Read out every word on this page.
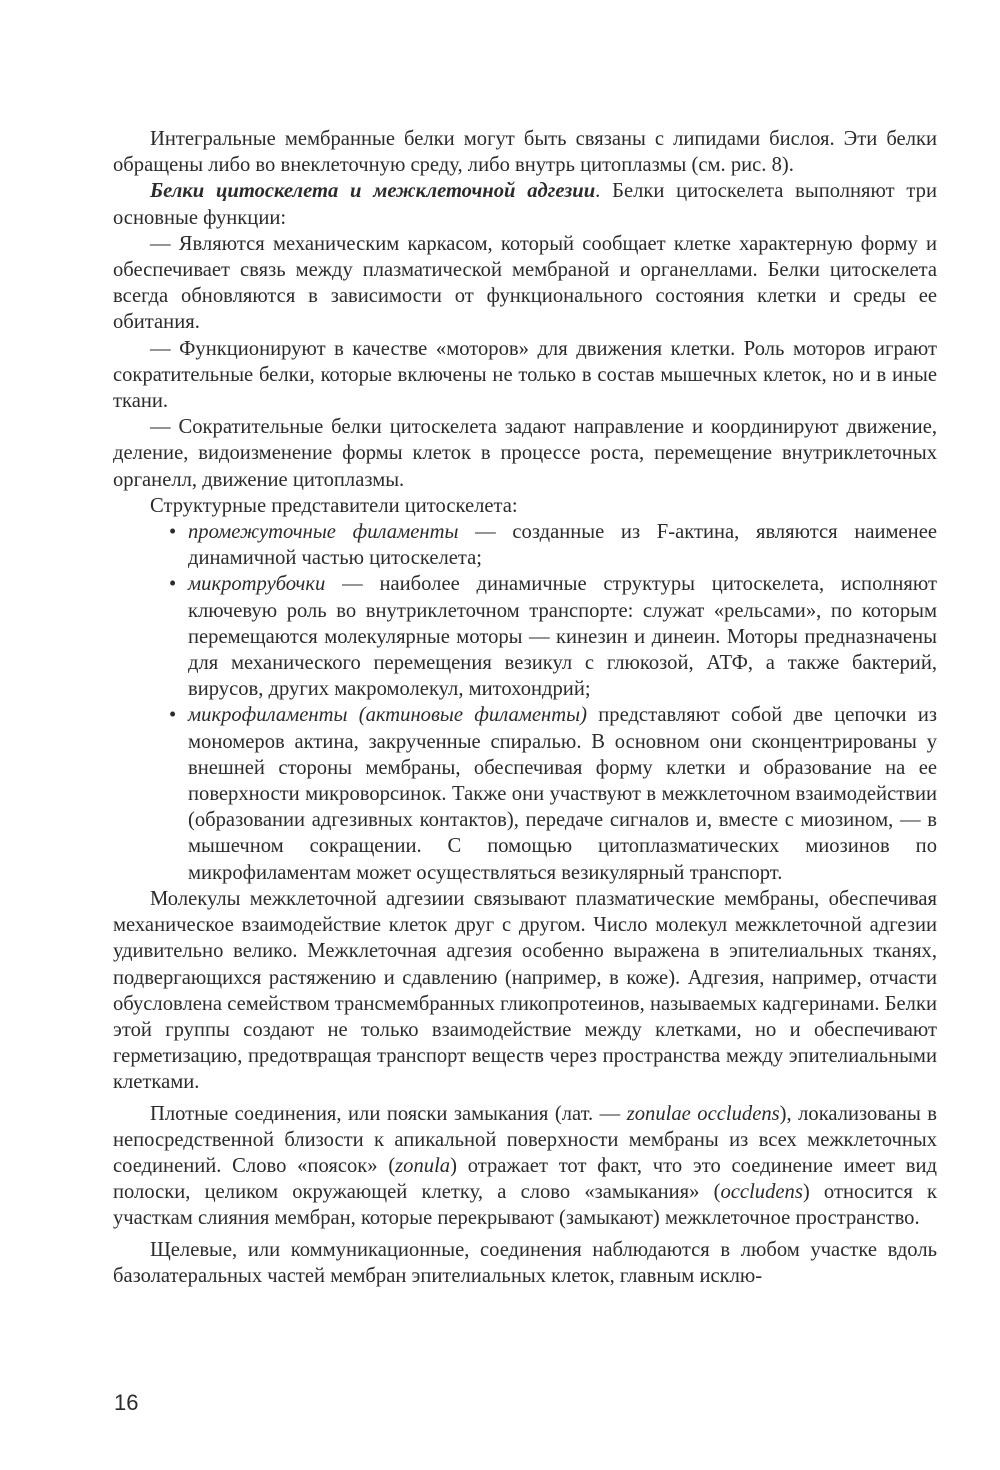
Интегральные мембранные белки могут быть связаны с липидами бислоя. Эти белки обращены либо во внеклеточную среду, либо внутрь цитоплазмы (см. рис. 8).

Белки цитоскелета и межклеточной адгезии. Белки цитоскелета выполняют три основные функции:

— Являются механическим каркасом, который сообщает клетке характерную форму и обеспечивает связь между плазматической мембраной и органеллами. Белки цитоскелета всегда обновляются в зависимости от функционального состояния клетки и среды ее обитания.

— Функционируют в качестве «моторов» для движения клетки. Роль моторов играют сократительные белки, которые включены не только в состав мышечных клеток, но и в иные ткани.

— Сократительные белки цитоскелета задают направление и координируют движение, деление, видоизменение формы клеток в процессе роста, перемещение внутриклеточных органелл, движение цитоплазмы.

Структурные представители цитоскелета:

• промежуточные филаменты — созданные из F-актина, являются наименее динамичной частью цитоскелета;
• микротрубочки — наиболее динамичные структуры цитоскелета, исполняют ключевую роль во внутриклеточном транспорте: служат «рельсами», по которым перемещаются молекулярные моторы — кинезин и динеин. Моторы предназначены для механического перемещения везикул с глюкозой, АТФ, а также бактерий, вирусов, других макромолекул, митохондрий;
• микрофиламенты (актиновые филаменты) представляют собой две цепочки из мономеров актина, закрученные спиралью. В основном они сконцентрированы у внешней стороны мембраны, обеспечивая форму клетки и образование на ее поверхности микроворсинок. Также они участвуют в межклеточном взаимодействии (образовании адгезивных контактов), передаче сигналов и, вместе с миозином, — в мышечном сокращении. С помощью цитоплазматических миозинов по микрофиламентам может осуществляться везикулярный транспорт.

Молекулы межклеточной адгезиии связывают плазматические мембраны, обеспечивая механическое взаимодействие клеток друг с другом. Число молекул межклеточной адгезии удивительно велико. Межклеточная адгезия особенно выражена в эпителиальных тканях, подвергающихся растяжению и сдавлению (например, в коже). Адгезия, например, отчасти обусловлена семейством трансмембранных гликопротеинов, называемых кадгеринами. Белки этой группы создают не только взаимодействие между клетками, но и обеспечивают герметизацию, предотвращая транспорт веществ через пространства между эпителиальными клетками.

Плотные соединения, или пояски замыкания (лат. — zonulae occludens), локализованы в непосредственной близости к апикальной поверхности мембраны из всех межклеточных соединений. Слово «поясок» (zonula) отражает тот факт, что это соединение имеет вид полоски, целиком окружающей клетку, а слово «замыкания» (occludens) относится к участкам слияния мембран, которые перекрывают (замыкают) межклеточное пространство.

Щелевые, или коммуникационные, соединения наблюдаются в любом участке вдоль базолатеральных частей мембран эпителиальных клеток, главным исклю-

16
